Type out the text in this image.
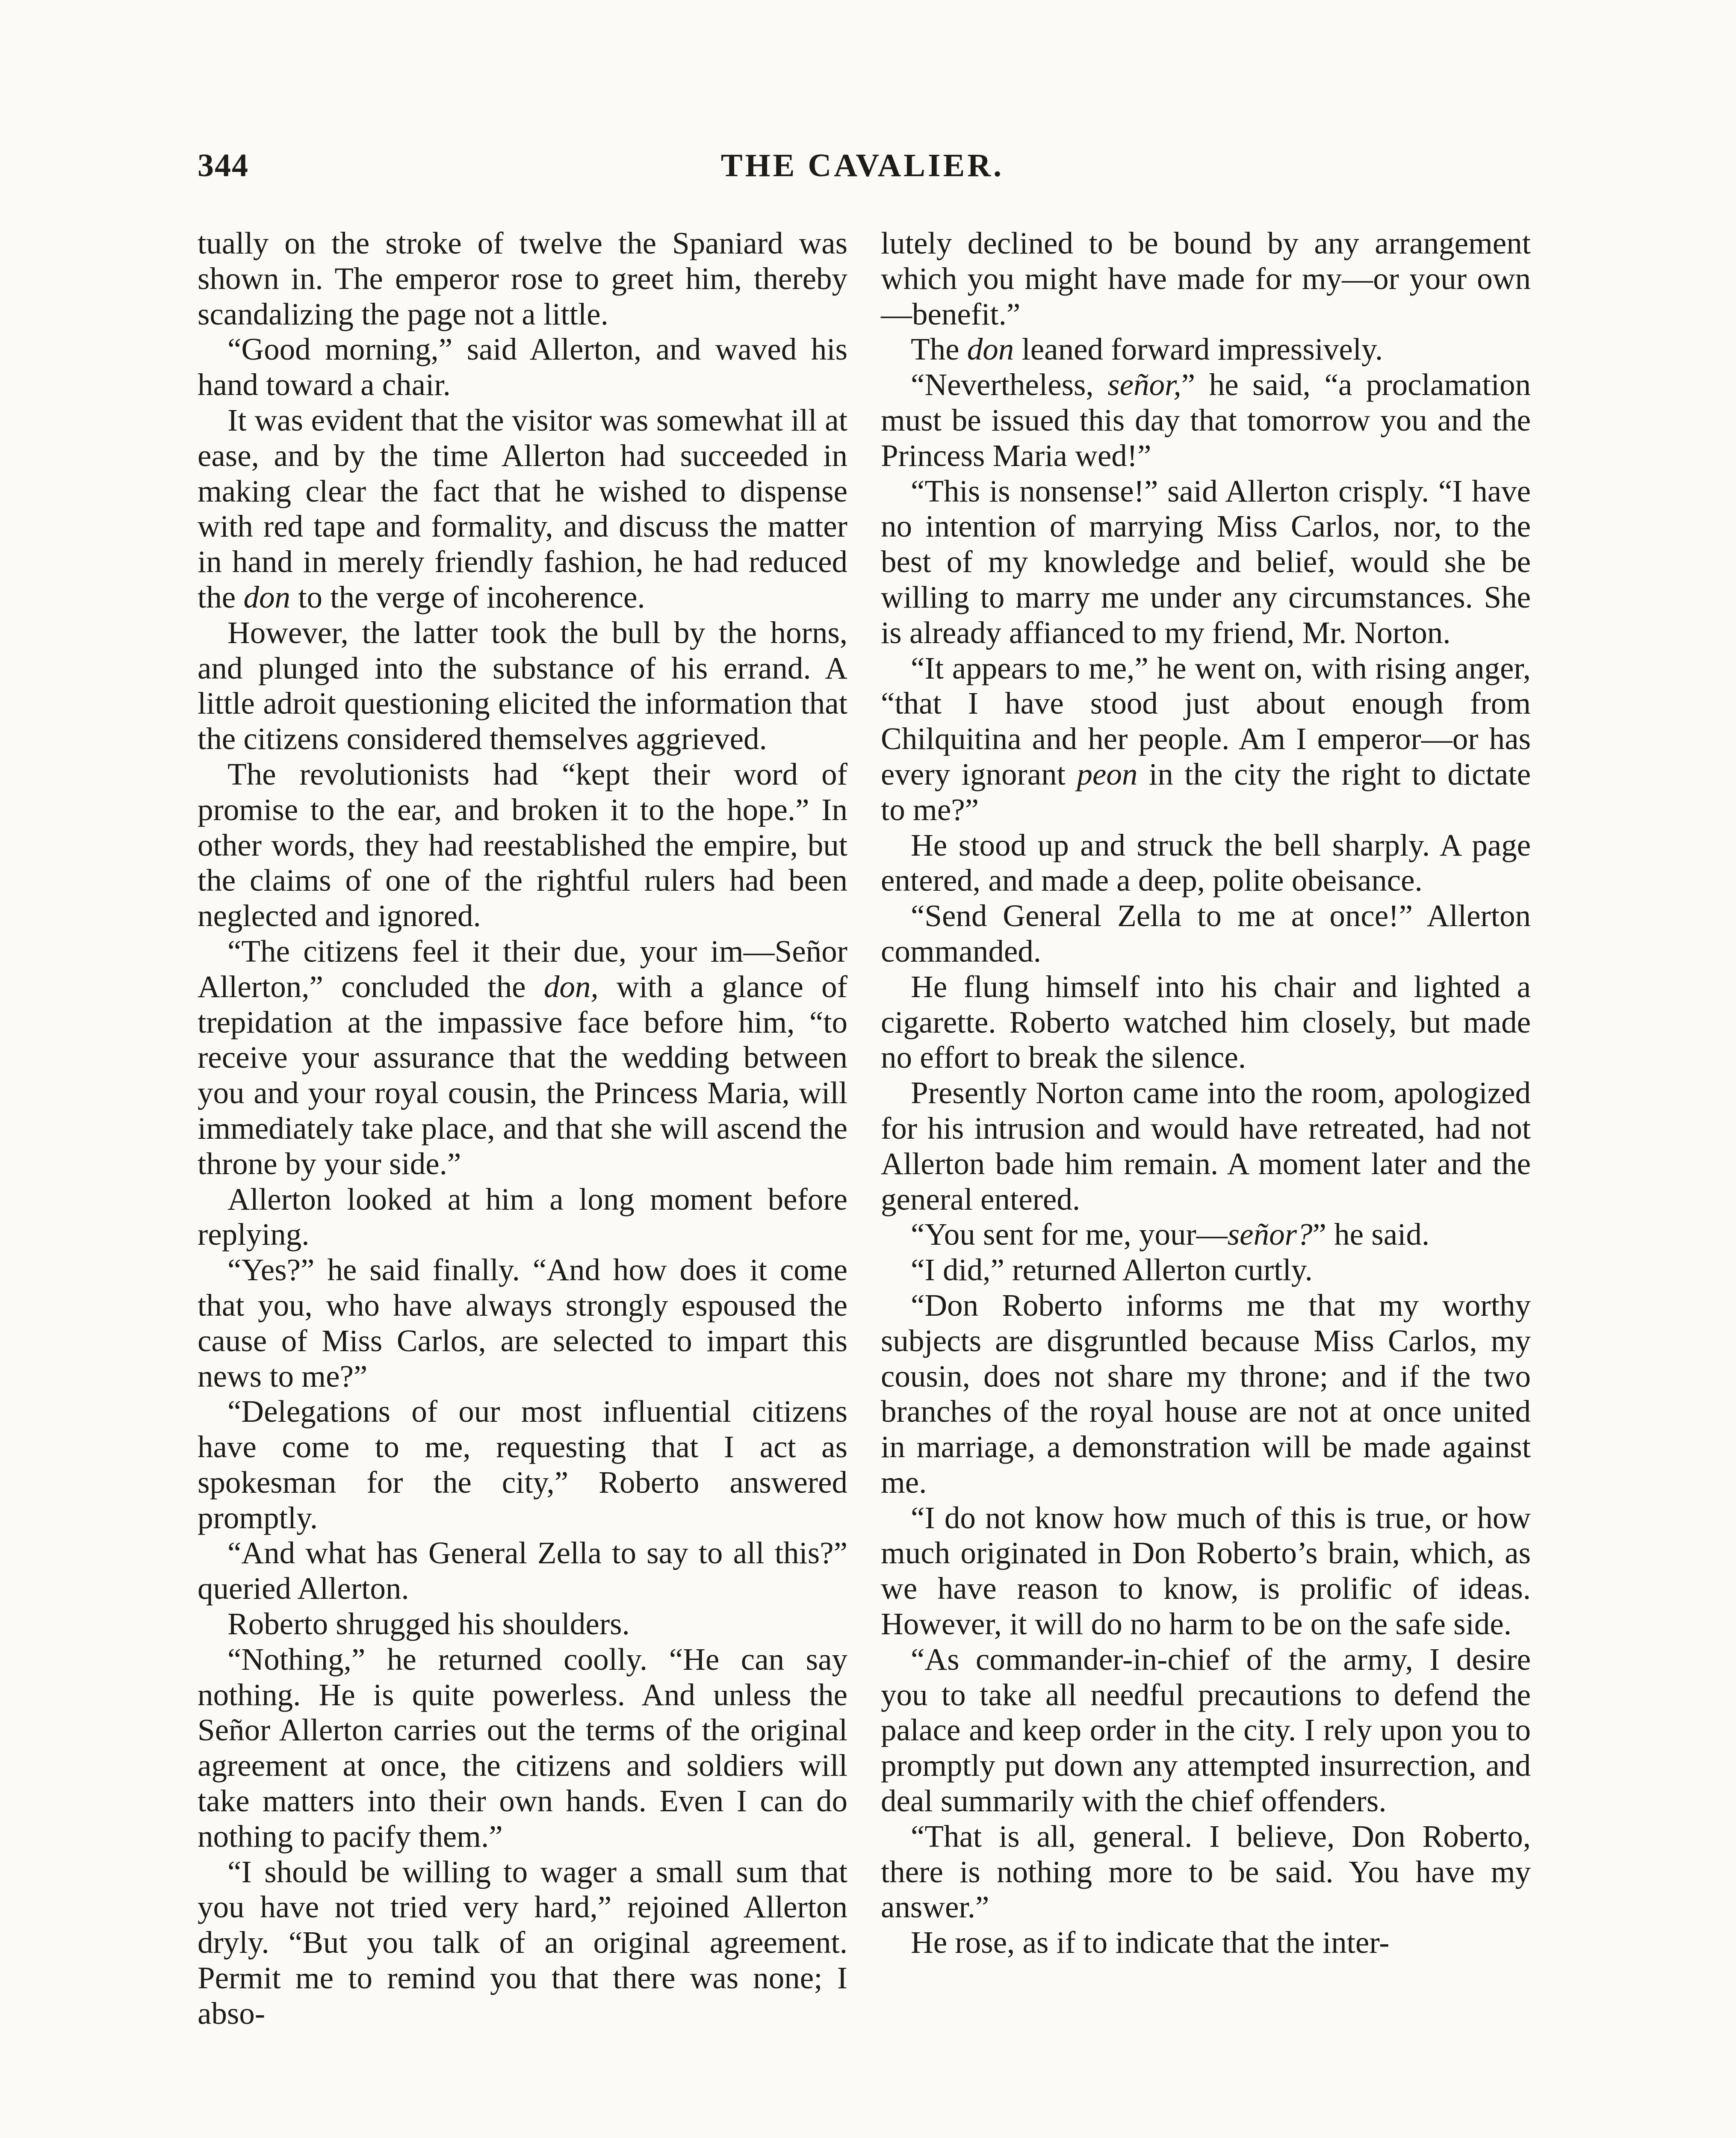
344	THE CAVALIER.

tually on the stroke of twelve the Spaniard was shown in. The emperor rose to greet him, thereby scandalizing the page not a little.

“Good morning,” said Allerton, and waved his hand toward a chair.

It was evident that the visitor was somewhat ill at ease, and by the time Allerton had succeeded in making clear the fact that he wished to dispense with red tape and formality, and discuss the matter in hand in merely friendly fashion, he had reduced the don to the verge of incoherence.

However, the latter took the bull by the horns, and plunged into the substance of his errand. A little adroit questioning elicited the information that the citizens considered themselves aggrieved.

The revolutionists had “kept their word of promise to the ear, and broken it to the hope.” In other words, they had reestablished the empire, but the claims of one of the rightful rulers had been neglected and ignored.

“The citizens feel it their due, your im—Señor Allerton,” concluded the don, with a glance of trepidation at the impassive face before him, “to receive your assurance that the wedding between you and your royal cousin, the Princess Maria, will immediately take place, and that she will ascend the throne by your side.”

Allerton looked at him a long moment before replying.

“Yes?” he said finally. “And how does it come that you, who have always strongly espoused the cause of Miss Carlos, are selected to impart this news to me?”

“Delegations of our most influential citizens have come to me, requesting that I act as spokesman for the city,” Roberto answered promptly.

“And what has General Zella to say to all this?” queried Allerton.

Roberto shrugged his shoulders.

“Nothing,” he returned coolly. “He can say nothing. He is quite powerless. And unless the Señor Allerton carries out the terms of the original agreement at once, the citizens and soldiers will take matters into their own hands. Even I can do nothing to pacify them.”

“I should be willing to wager a small sum that you have not tried very hard,” rejoined Allerton dryly. “But you talk of an original agreement. Permit me to remind you that there was none; I abso-

lutely declined to be bound by any arrangement which you might have made for my—or your own—benefit.”

The don leaned forward impressively.

“Nevertheless, señor,” he said, “a proclamation must be issued this day that tomorrow you and the Princess Maria wed!”

“This is nonsense!” said Allerton crisply. “I have no intention of marrying Miss Carlos, nor, to the best of my knowledge and belief, would she be willing to marry me under any circumstances. She is already affianced to my friend, Mr. Norton.

“It appears to me,” he went on, with rising anger, “that I have stood just about enough from Chilquitina and her people. Am I emperor—or has every ignorant peon in the city the right to dictate to me?”

He stood up and struck the bell sharply. A page entered, and made a deep, polite obeisance.

“Send General Zella to me at once!” Allerton commanded.

He flung himself into his chair and lighted a cigarette. Roberto watched him closely, but made no effort to break the silence.

Presently Norton came into the room, apologized for his intrusion and would have retreated, had not Allerton bade him remain. A moment later and the general entered.

“You sent for me, your—señor?” he said.

“I did,” returned Allerton curtly.

“Don Roberto informs me that my worthy subjects are disgruntled because Miss Carlos, my cousin, does not share my throne; and if the two branches of the royal house are not at once united in marriage, a demonstration will be made against me.

“I do not know how much of this is true, or how much originated in Don Roberto’s brain, which, as we have reason to know, is prolific of ideas. However, it will do no harm to be on the safe side.

“As commander-in-chief of the army, I desire you to take all needful precautions to defend the palace and keep order in the city. I rely upon you to promptly put down any attempted insurrection, and deal summarily with the chief offenders.

“That is all, general. I believe, Don Roberto, there is nothing more to be said. You have my answer.”

He rose, as if to indicate that the inter-
